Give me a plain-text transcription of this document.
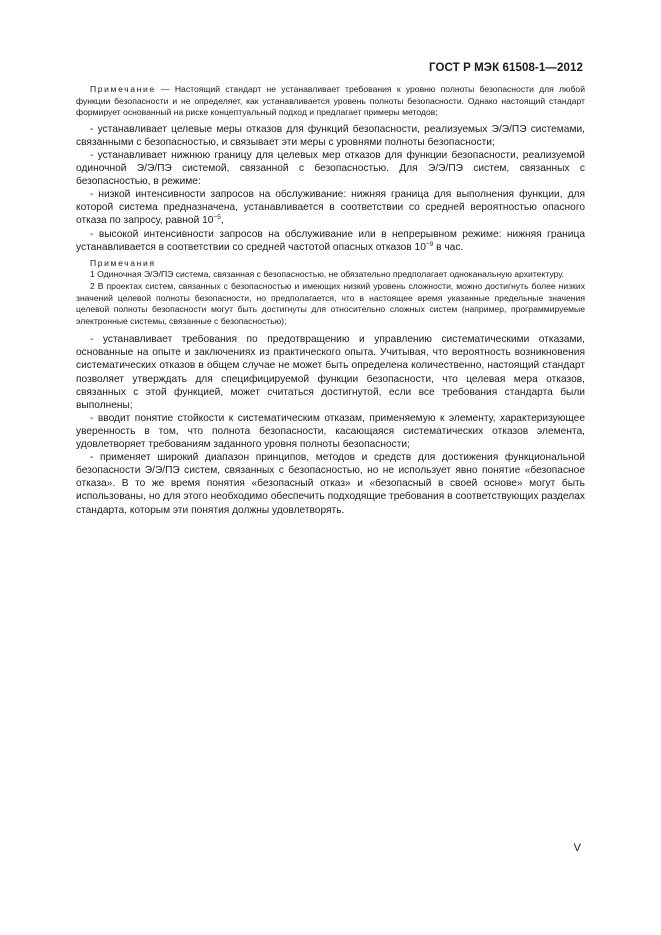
ГОСТ Р МЭК 61508-1—2012

Примечание — Настоящий стандарт не устанавливает требования к уровню полноты безопасности для любой функции безопасности и не определяет, как устанавливается уровень полноты безопасности. Однако настоящий стандарт формирует основанный на риске концептуальный подход и предлагает примеры методов;

- устанавливает целевые меры отказов для функций безопасности, реализуемых Э/Э/ПЭ системами, связанными с безопасностью, и связывает эти меры с уровнями полноты безопасности;

- устанавливает нижнюю границу для целевых мер отказов для функции безопасности, реализуемой одиночной Э/Э/ПЭ системой, связанной с безопасностью. Для Э/Э/ПЭ систем, связанных с безопасностью, в режиме:

- низкой интенсивности запросов на обслуживание: нижняя граница для выполнения функции, для которой система предназначена, устанавливается в соответствии со средней вероятностью опасного отказа по запросу, равной $10^{-5}$,

- высокой интенсивности запросов на обслуживание или в непрерывном режиме: нижняя граница устанавливается в соответствии со средней частотой опасных отказов $10^{-9}$ в час.

Примечания

1 Одиночная Э/Э/ПЭ система, связанная с безопасностью, не обязательно предполагает одноканальную архитектуру.

2 В проектах систем, связанных с безопасностью и имеющих низкий уровень сложности, можно достигнуть более низких значений целевой полноты безопасности, но предполагается, что в настоящее время указанные предельные значения целевой полноты безопасности могут быть достигнуты для относительно сложных систем (например, программируемые электронные системы, связанные с безопасностью);

- устанавливает требования по предотвращению и управлению систематическими отказами, основанные на опыте и заключениях из практического опыта. Учитывая, что вероятность возникновения систематических отказов в общем случае не может быть определена количественно, настоящий стандарт позволяет утверждать для специфицируемой функции безопасности, что целевая мера отказов, связанных с этой функцией, может считаться достигнутой, если все требования стандарта были выполнены;

- вводит понятие стойкости к систематическим отказам, применяемую к элементу, характеризующее уверенность в том, что полнота безопасности, касающаяся систематических отказов элемента, удовлетворяет требованиям заданного уровня полноты безопасности;

- применяет широкий диапазон принципов, методов и средств для достижения функциональной безопасности Э/Э/ПЭ систем, связанных с безопасностью, но не использует явно понятие «безопасное отказа». В то же время понятия «безопасный отказ» и «безопасный в своей основе» могут быть использованы, но для этого необходимо обеспечить подходящие требования в соответствующих разделах стандарта, которым эти понятия должны удовлетворять.

V
